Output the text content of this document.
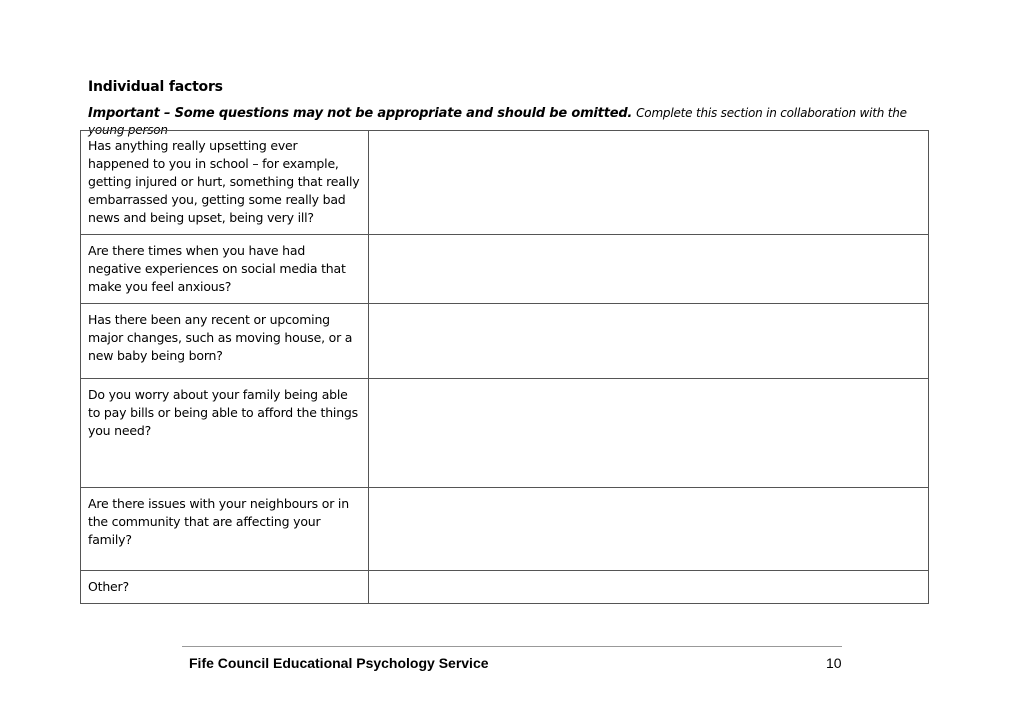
Individual factors
Important – Some questions may not be appropriate and should be omitted. Complete this section in collaboration with the young person
Has anything really upsetting ever happened to you in school – for example, getting injured or hurt, something that really embarrassed you, getting some really bad news and being upset, being very ill?	
Are there times when you have had negative experiences on social media that make you feel anxious?	
Has there been any recent or upcoming major changes, such as moving house, or a new baby being born?	
Do you worry about your family being able to pay bills or being able to afford the things you need?	
Are there issues with your neighbours or in the community that are affecting your family?	
Other?	
Fife Council Educational Psychology Service	10
